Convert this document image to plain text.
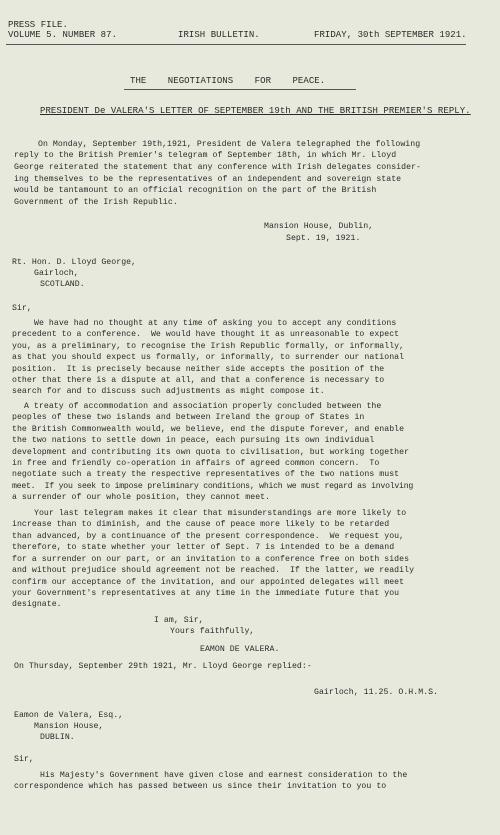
PRESS FILE.
VOLUME 5. NUMBER 87.	IRISH BULLETIN.	FRIDAY, 30th SEPTEMBER 1921.
THE NEGOTIATIONS FOR PEACE.
PRESIDENT De VALERA'S LETTER OF SEPTEMBER 19th AND THE BRITISH PREMIER'S REPLY.
On Monday, September 19th,1921, President de Valera telegraphed the following
reply to the British Premier's telegram of September 18th, in which Mr. Lloyd
George reiterated the statement that any conference with Irish delegates consider-
ing themselves to be the representatives of an independent and sovereign state
would be tantamount to an official recognition on the part of the British
Government of the Irish Republic.
Mansion House, Dublin,
Sept. 19, 1921.
Rt. Hon. D. Lloyd George,
Gairloch,
SCOTLAND.
Sir,
We have had no thought at any time of asking you to accept any conditions
precedent to a conference.  We would have thought it as unreasonable to expect
you, as a preliminary, to recognise the Irish Republic formally, or informally,
as that you should expect us formally, or informally, to surrender our national
position.  It is precisely because neither side accepts the position of the
other that there is a dispute at all, and that a conference is necessary to
search for and to discuss such adjustments as might compose it.
A treaty of accommodation and association properly concluded between the
peoples of these two islands and between Ireland the group of States in
the British Commonwealth would, we believe, end the dispute forever, and enable
the two nations to settle down in peace, each pursuing its own individual
development and contributing its own quota to civilisation, but working together
in free and friendly co-operation in affairs of agreed common concern.  To
negotiate such a treaty the respective representatives of the two nations must
meet.  If you seek to impose preliminary conditions, which we must regard as involving
a surrender of our whole position, they cannot meet.
Your last telegram makes it clear that misunderstandings are more likely to
increase than to diminish, and the cause of peace more likely to be retarded
than advanced, by a continuance of the present correspondence.  We request you,
therefore, to state whether your letter of Sept. 7 is intended to be a demand
for a surrender on our part, or an invitation to a conference free on both sides
and without prejudice should agreement not be reached.  If the latter, we readily
confirm our acceptance of the invitation, and our appointed delegates will meet
your Government's representatives at any time in the immediate future that you
designate.
I am, Sir,
Yours faithfully,
EAMON DE VALERA.
On Thursday, September 29th 1921, Mr. Lloyd George replied:-
Gairloch, 11.25. O.H.M.S.
Eamon de Valera, Esq.,
Mansion House,
DUBLIN.
Sir,
His Majesty's Government have given close and earnest consideration to the
correspondence which has passed between us since their invitation to you to
